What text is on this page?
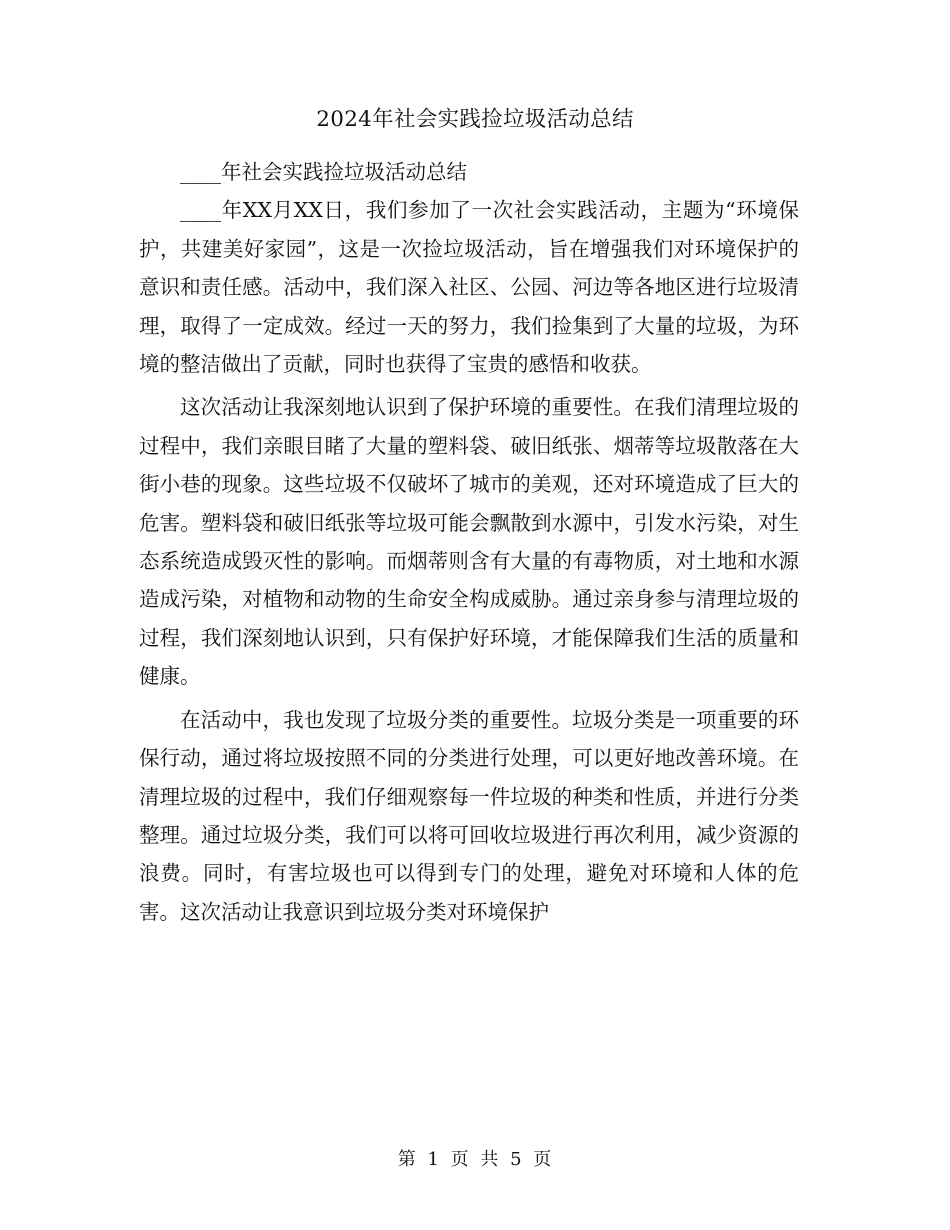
2024年社会实践捡垃圾活动总结

____年社会实践捡垃圾活动总结

____年XX月XX日，我们参加了一次社会实践活动，主题为“环境保护，共建美好家园”，这是一次捡垃圾活动，旨在增强我们对环境保护的意识和责任感。活动中，我们深入社区、公园、河边等各地区进行垃圾清理，取得了一定成效。经过一天的努力，我们捡集到了大量的垃圾，为环境的整洁做出了贡献，同时也获得了宝贵的感悟和收获。

这次活动让我深刻地认识到了保护环境的重要性。在我们清理垃圾的过程中，我们亲眼目睹了大量的塑料袋、破旧纸张、烟蒂等垃圾散落在大街小巷的现象。这些垃圾不仅破坏了城市的美观，还对环境造成了巨大的危害。塑料袋和破旧纸张等垃圾可能会飘散到水源中，引发水污染，对生态系统造成毁灭性的影响。而烟蒂则含有大量的有毒物质，对土地和水源造成污染，对植物和动物的生命安全构成威胁。通过亲身参与清理垃圾的过程，我们深刻地认识到，只有保护好环境，才能保障我们生活的质量和健康。

在活动中，我也发现了垃圾分类的重要性。垃圾分类是一项重要的环保行动，通过将垃圾按照不同的分类进行处理，可以更好地改善环境。在清理垃圾的过程中，我们仔细观察每一件垃圾的种类和性质，并进行分类整理。通过垃圾分类，我们可以将可回收垃圾进行再次利用，减少资源的浪费。同时，有害垃圾也可以得到专门的处理，避免对环境和人体的危害。这次活动让我意识到垃圾分类对环境保护

第 1 页 共 5 页
